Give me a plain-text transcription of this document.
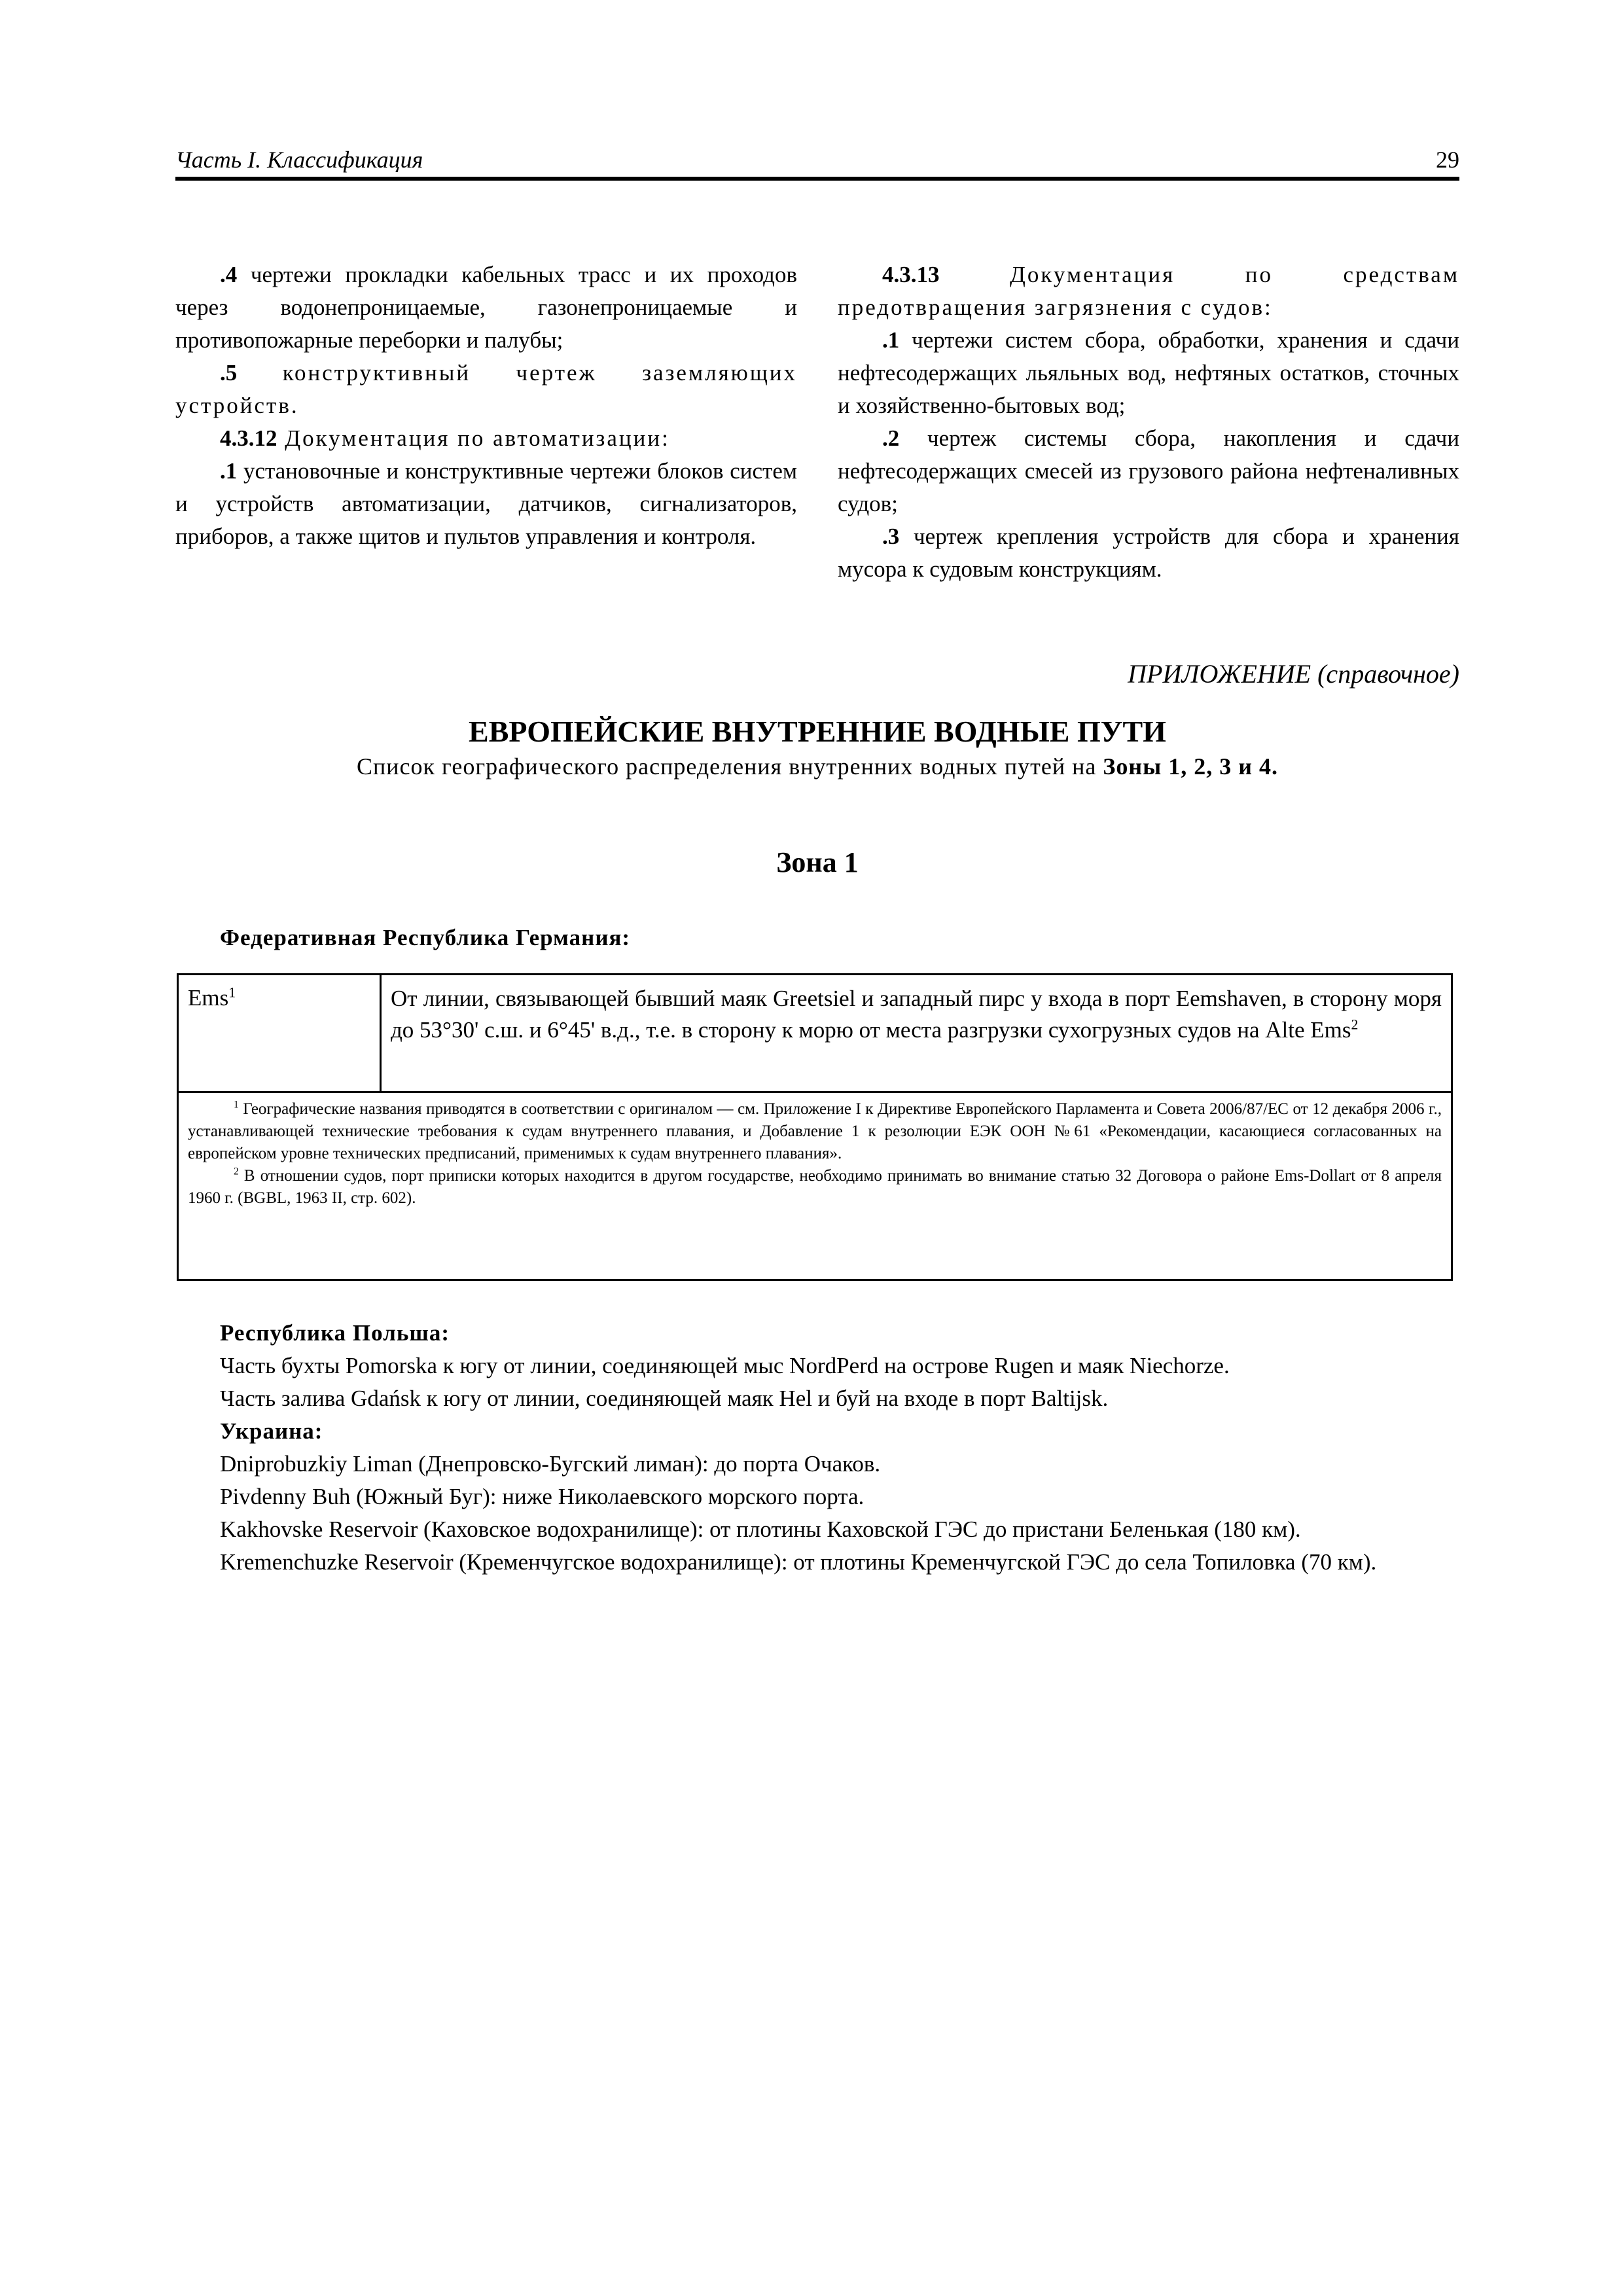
Часть I. Классификация	29

.4 чертежи прокладки кабельных трасс и их проходов через водонепроницаемые, газонепроницаемые и противопожарные переборки и палубы;

.5 конструктивный чертеж заземляющих устройств.

4.3.12 Документация по автоматизации:

.1 установочные и конструктивные чертежи блоков систем и устройств автоматизации, датчиков, сигнализаторов, приборов, а также щитов и пультов управления и контроля.

4.3.13 Документация по средствам предотвращения загрязнения с судов:

.1 чертежи систем сбора, обработки, хранения и сдачи нефтесодержащих льяльных вод, нефтяных остатков, сточных и хозяйственно-бытовых вод;

.2 чертеж системы сбора, накопления и сдачи нефтесодержащих смесей из грузового района нефтеналивных судов;

.3 чертеж крепления устройств для сбора и хранения мусора к судовым конструкциям.

ПРИЛОЖЕНИЕ (справочное)
ЕВРОПЕЙСКИЕ ВНУТРЕННИЕ ВОДНЫЕ ПУТИ
Список географического распределения внутренних водных путей на Зоны 1, 2, 3 и 4.
Зона 1
Федеративная Республика Германия:
Ems$^1$	От линии, связывающей бывший маяк Greetsiel и западный пирс у входа в порт Eemshaven, в сторону моря до 53°30' с.ш. и 6°45' в.д., т.е. в сторону к морю от места разгрузки сухогрузных судов на Alte Ems$^2$

$^1$ Географические названия приводятся в соответствии с оригиналом — см. Приложение I к Директиве Европейского Парламента и Совета 2006/87/ЕС от 12 декабря 2006 г., устанавливающей технические требования к судам внутреннего плавания, и Добавление 1 к резолюции ЕЭК ООН №61 «Рекомендации, касающиеся согласованных на европейском уровне технических предписаний, применимых к судам внутреннего плавания».

$^2$ В отношении судов, порт приписки которых находится в другом государстве, необходимо принимать во внимание статью 32 Договора о районе Ems-Dollart от 8 апреля 1960 г. (BGBL, 1963 II, стр. 602).

Республика Польша:

Часть бухты Pomorska к югу от линии, соединяющей мыс NordPerd на острове Rugen и маяк Niechorze.

Часть залива Gdańsk к югу от линии, соединяющей маяк Hel и буй на входе в порт Baltijsk.

Украина:

Dniprobuzkiy Liman (Днепровско-Бугский лиман): до порта Очаков.

Pivdenny Buh (Южный Буг): ниже Николаевского морского порта.

Kakhovske Reservoir (Каховское водохранилище): от плотины Каховской ГЭС до пристани Беленькая (180 км).

Kremenchuzke Reservoir (Кременчугское водохранилище): от плотины Кременчугской ГЭС до села Топиловка (70 км).
